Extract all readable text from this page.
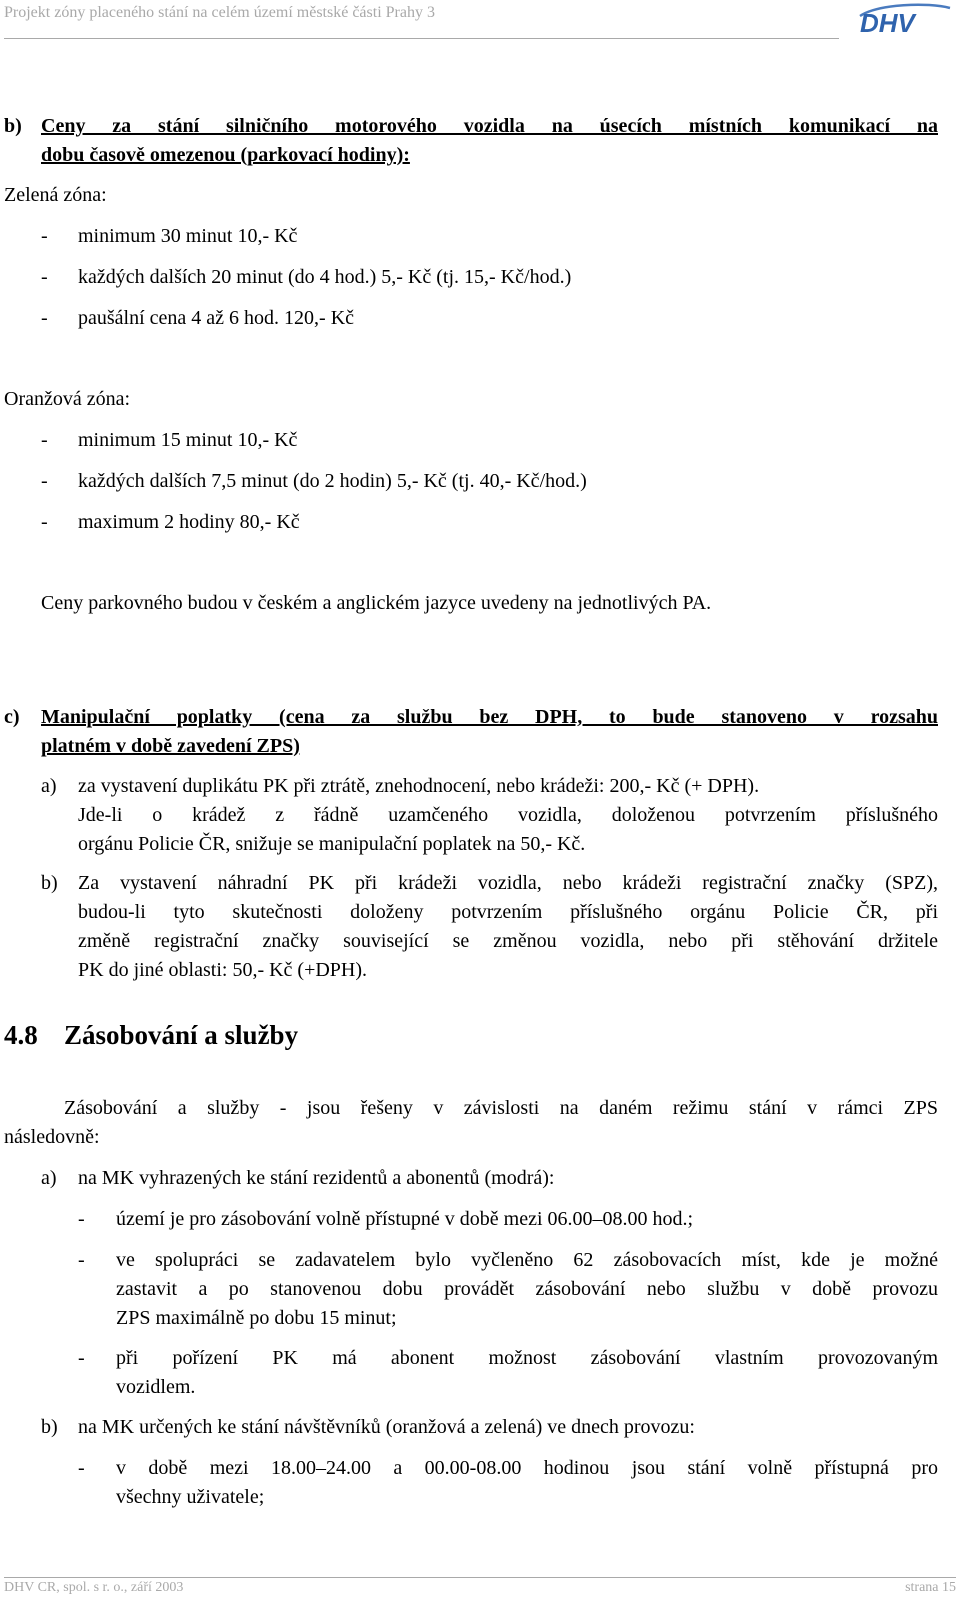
Projekt zóny placeného stání na celém území městské části Prahy 3	DHV
b) Ceny za stání silničního motorového vozidla na úsecích místních komunikací na
dobu časově omezenou (parkovací hodiny):
Zelená zóna:
- minimum 30 minut 10,- Kč
- každých dalších 20 minut (do 4 hod.) 5,- Kč (tj. 15,- Kč/hod.)
- paušální cena 4 až 6 hod. 120,- Kč
Oranžová zóna:
- minimum 15 minut 10,- Kč
- každých dalších 7,5 minut (do 2 hodin) 5,- Kč (tj. 40,- Kč/hod.)
- maximum 2 hodiny 80,- Kč
Ceny parkovného budou v českém a anglickém jazyce uvedeny na jednotlivých PA.
c) Manipulační poplatky (cena za službu bez DPH, to bude stanoveno v rozsahu
platném v době zavedení ZPS)
a) za vystavení duplikátu PK při ztrátě, znehodnocení, nebo krádeži: 200,- Kč (+ DPH).
Jde-li o krádež z řádně uzamčeného vozidla, doloženou potvrzením příslušného
orgánu Policie ČR, snižuje se manipulační poplatek na 50,- Kč.
b) Za vystavení náhradní PK při krádeži vozidla, nebo krádeži registrační značky (SPZ),
budou-li tyto skutečnosti doloženy potvrzením příslušného orgánu Policie ČR, při
změně registrační značky související se změnou vozidla, nebo při stěhování držitele
PK do jiné oblasti: 50,- Kč (+DPH).
4.8 Zásobování a služby
Zásobování a služby - jsou řešeny v závislosti na daném režimu stání v rámci ZPS
následovně:
a) na MK vyhrazených ke stání rezidentů a abonentů (modrá):
- území je pro zásobování volně přístupné v době mezi 06.00–08.00 hod.;
- ve spolupráci se zadavatelem bylo vyčleněno 62 zásobovacích míst, kde je možné
zastavit a po stanovenou dobu provádět zásobování nebo službu v době provozu
ZPS maximálně po dobu 15 minut;
- při pořízení PK má abonent možnost zásobování vlastním provozovaným
vozidlem.
b) na MK určených ke stání návštěvníků (oranžová a zelená) ve dnech provozu:
- v době mezi 18.00–24.00 a 00.00-08.00 hodinou jsou stání volně přístupná pro
všechny uživatele;
DHV CR, spol. s r. o., září 2003	strana 15
